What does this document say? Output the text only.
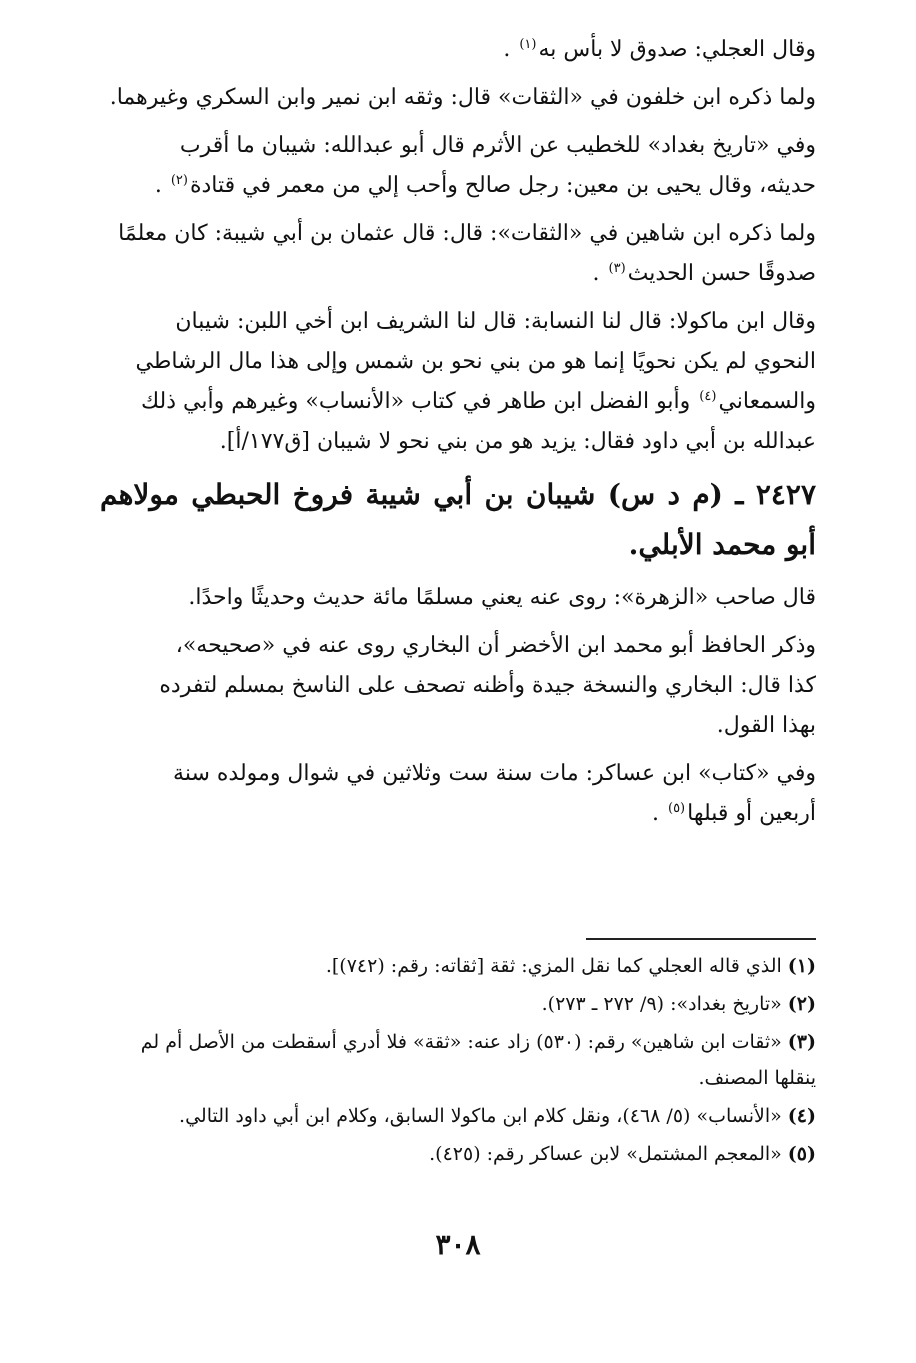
وقال العجلي: صدوق لا بأس به$^{(١)}$ .

ولما ذكره ابن خلفون في «الثقات» قال: وثقه ابن نمير وابن السكري وغيرهما.

وفي «تاريخ بغداد» للخطيب عن الأثرم قال أبو عبدالله: شيبان ما أقرب
حديثه، وقال يحيى بن معين: رجل صالح وأحب إلي من معمر في قتادة$^{(٢)}$ .

ولما ذكره ابن شاهين في «الثقات»: قال: قال عثمان بن أبي شيبة: كان معلمًا
صدوقًا حسن الحديث$^{(٣)}$ .

وقال ابن ماكولا: قال لنا النسابة: قال لنا الشريف ابن أخي اللبن: شيبان
النحوي لم يكن نحويًا إنما هو من بني نحو بن شمس وإلى هذا مال الرشاطي
والسمعاني$^{(٤)}$ وأبو الفضل ابن طاهر في كتاب «الأنساب» وغيرهم وأبي ذلك
عبدالله بن أبي داود فقال: يزيد هو من بني نحو لا شيبان [ق١٧٧/أ].

٢٤٢٧ ـ (م د س) شيبان بن أبي شيبة فروخ الحبطي مولاهم أبو محمد الأبلي.

قال صاحب «الزهرة»: روى عنه يعني مسلمًا مائة حديث وحديثًا واحدًا.

وذكر الحافظ أبو محمد ابن الأخضر أن البخاري روى عنه في «صحيحه»،
كذا قال: البخاري والنسخة جيدة وأظنه تصحف على الناسخ بمسلم لتفرده
بهذا القول.

وفي «كتاب» ابن عساكر: مات سنة ست وثلاثين في شوال ومولده سنة
أربعين أو قبلها$^{(٥)}$ .

(١)الذي قاله العجلي كما نقل المزي: ثقة [ثقاته: رقم: (٧٤٢)].

(٢)«تاريخ بغداد»: (٩/ ٢٧٢ ـ ٢٧٣).

(٣)«ثقات ابن شاهين» رقم: (٥٣٠) زاد عنه: «ثقة» فلا أدري أسقطت من الأصل أم لم ينقلها المصنف.

(٤)«الأنساب» (٥/ ٤٦٨)، ونقل كلام ابن ماكولا السابق، وكلام ابن أبي داود التالي.

(٥)«المعجم المشتمل» لابن عساكر رقم: (٤٢٥).

٣٠٨
